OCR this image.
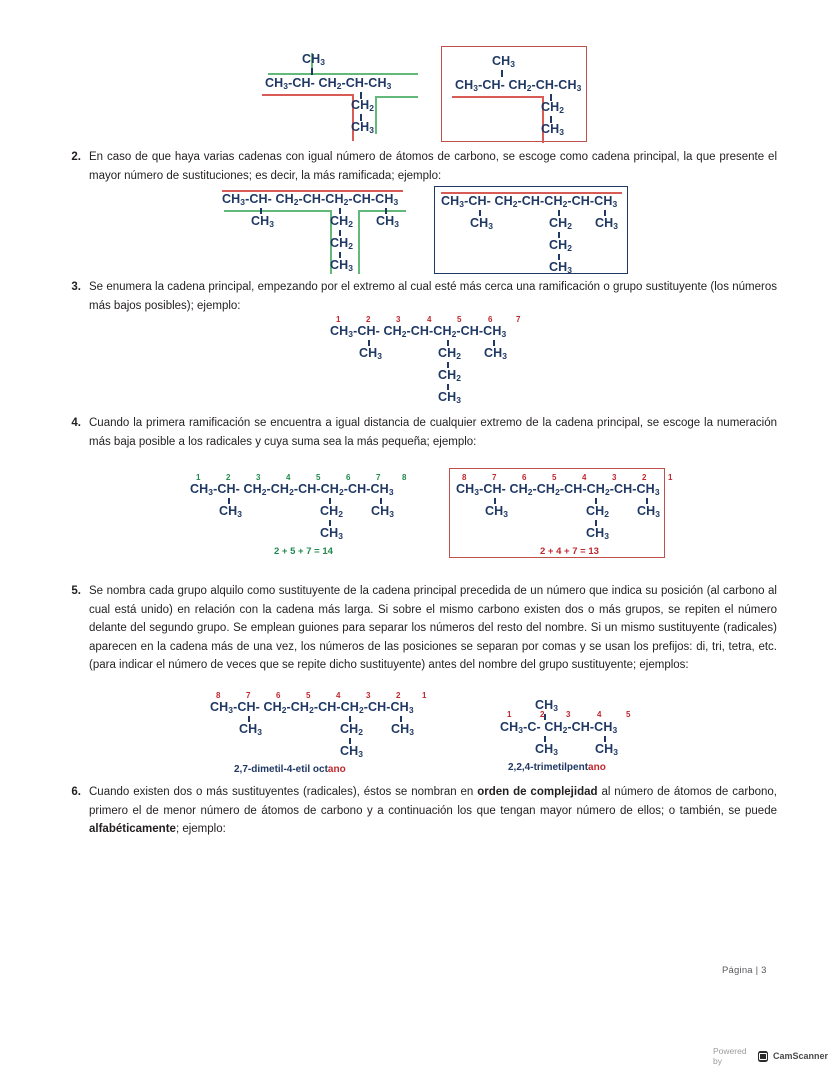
$CH_3$
$CH_3-CH-$ $CH_2-CH-CH_3$
$CH_2$
$CH_3$
$CH_3$
$CH_3-CH-$ $CH_2-CH-CH_3$
$CH_2$
$CH_3$
2. En caso de que haya varias cadenas con igual número de átomos de carbono, se escoge como cadena principal, la que presente el mayor número de sustituciones; es decir, la más ramificada; ejemplo:
$CH_3-CH-$ $CH_2-CH-CH_2-CH-CH_3$
$CH_3$	$CH_2$
$CH_2$
$CH_3$
$CH_3$
$CH_3-CH-$ $CH_2-CH-CH_2-CH-CH_3$
$CH_3$	$CH_2$
$CH_2$
$CH_3$
$CH_3$
3. Se enumera la cadena principal, empezando por el extremo al cual esté más cerca una ramificación o grupo sustituyente (los números más bajos posibles); ejemplo:
1	2	3	4	5	6	7
$CH_3-CH-$ $CH_2-CH-CH_2-CH-CH_3$
$CH_3$	$CH_2$
$CH_2$
$CH_3$
$CH_3$
4. Cuando la primera ramificación se encuentra a igual distancia de cualquier extremo de la cadena principal, se escoge la numeración más baja posible a los radicales y cuya suma sea la más pequeña; ejemplo:
1	2	3	4	5	6	7	8
$CH_3-CH-$ $CH_2-CH_2-CH-CH_2-CH-CH_3$
$CH_3$	$CH_2$
$CH_3$
$CH_3$
2 + 5 + 7 = 14
8	7	6	5	4	3	2	1
$CH_3-CH-$ $CH_2-CH_2-CH-CH_2-CH-CH_3$
$CH_3$	$CH_2$
$CH_3$
$CH_3$
2 + 4 + 7 = 13
5. Se nombra cada grupo alquilo como sustituyente de la cadena principal precedida de un número que indica su posición (al carbono al cual está unido) en relación con la cadena más larga. Si sobre el mismo carbono existen dos o más grupos, se repiten el número delante del segundo grupo. Se emplean guiones para separar los números del resto del nombre. Si un mismo sustituyente (radicales) aparecen en la cadena más de una vez, los números de las posiciones se separan por comas y se usan los prefijos: di, tri, tetra, etc. (para indicar el número de veces que se repite dicho sustituyente) antes del nombre del grupo sustituyente; ejemplos:
8	7	6	5	4	3	2	1
$CH_3-CH-$ $CH_2-CH_2-CH-CH_2-CH-CH_3$
$CH_3$	$CH_2$
$CH_3$
$CH_3$
2,7-dimetil-4-etil octano
$CH_3$
1	2	3	4	5
$CH_3-C-$ $CH_2-CH-CH_3$
$CH_3$	$CH_3$
2,2,4-trimetilpentano
6. Cuando existen dos o más sustituyentes (radicales), éstos se nombran en orden de complejidad al número de átomos de carbono, primero el de menor número de átomos de carbono y a continuación los que tengan mayor número de ellos; o también, se puede alfabéticamente; ejemplo:
Página | 3
Powered by	CamScanner
